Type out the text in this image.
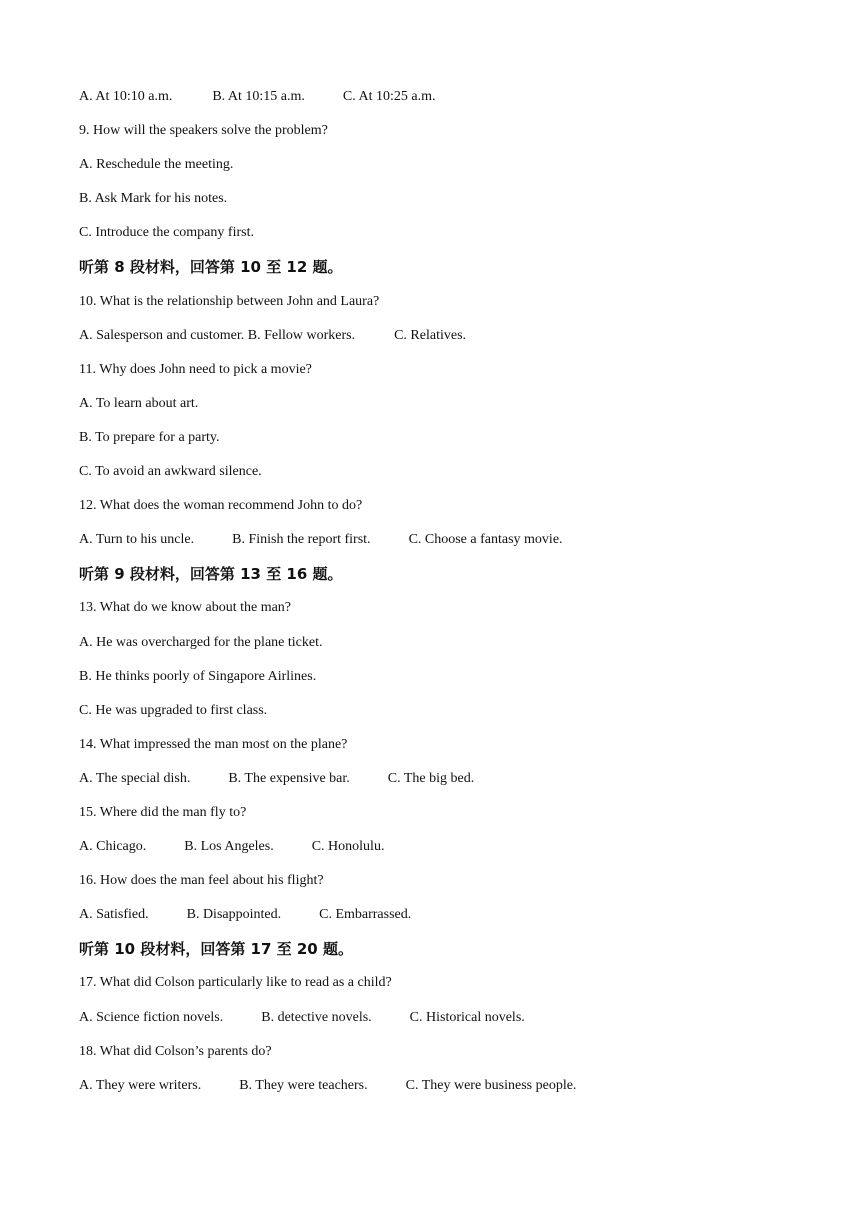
A. At 10:10 a.m.	B. At 10:15 a.m.	C. At 10:25 a.m.
9. How will the speakers solve the problem?
A. Reschedule the meeting.
B. Ask Mark for his notes.
C. Introduce the company first.
听第 8 段材料，回答第 10 至 12 题。
10. What is the relationship between John and Laura?
A. Salesperson and customer. B. Fellow workers.	C. Relatives.
11. Why does John need to pick a movie?
A. To learn about art.
B. To prepare for a party.
C. To avoid an awkward silence.
12. What does the woman recommend John to do?
A. Turn to his uncle.	B. Finish the report first.	C. Choose a fantasy movie.
听第 9 段材料，回答第 13 至 16 题。
13. What do we know about the man?
A. He was overcharged for the plane ticket.
B. He thinks poorly of Singapore Airlines.
C. He was upgraded to first class.
14. What impressed the man most on the plane?
A. The special dish.	B. The expensive bar.	C. The big bed.
15. Where did the man fly to?
A. Chicago.	B. Los Angeles.	C. Honolulu.
16. How does the man feel about his flight?
A. Satisfied.	B. Disappointed.	C. Embarrassed.
听第 10 段材料，回答第 17 至 20 题。
17. What did Colson particularly like to read as a child?
A. Science fiction novels.	B. detective novels.	C. Historical novels.
18. What did Colson’s parents do?
A. They were writers.	B. They were teachers.	C. They were business people.
